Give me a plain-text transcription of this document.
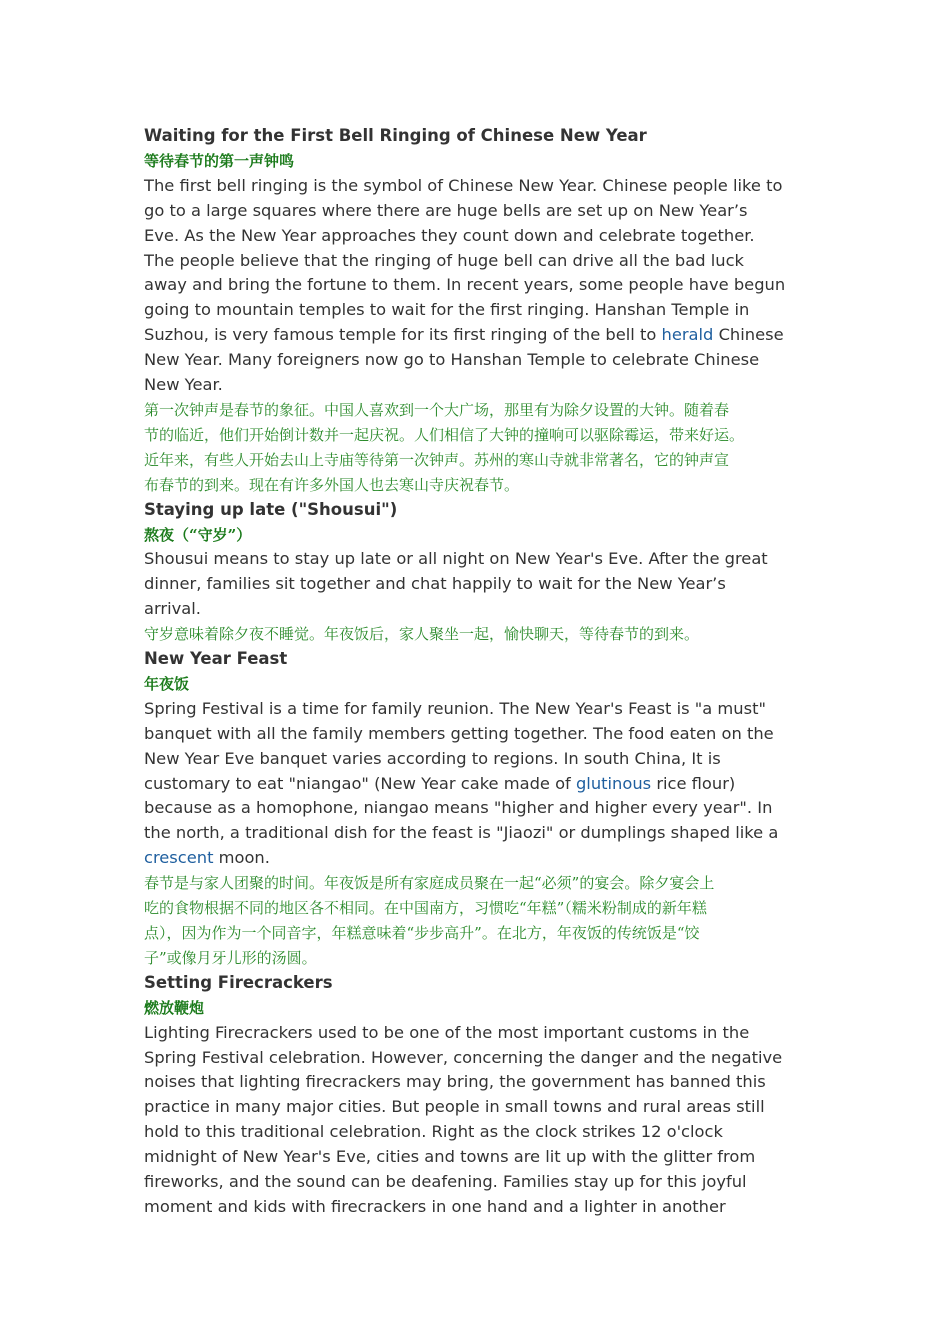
Waiting for the First Bell Ringing of Chinese New Year
等待春节的第一声钟鸣
The first bell ringing is the symbol of Chinese New Year. Chinese people like to
go to a large squares where there are huge bells are set up on New Year’s
Eve. As the New Year approaches they count down and celebrate together.
The people believe that the ringing of huge bell can drive all the bad luck
away and bring the fortune to them. In recent years, some people have begun
going to mountain temples to wait for the first ringing. Hanshan Temple in
Suzhou, is very famous temple for its first ringing of the bell to herald Chinese
New Year. Many foreigners now go to Hanshan Temple to celebrate Chinese
New Year.
第一次钟声是春节的象征。中国人喜欢到一个大广场，那里有为除夕设置的大钟。随着春
节的临近，他们开始倒计数并一起庆祝。人们相信了大钟的撞响可以驱除霉运，带来好运。
近年来，有些人开始去山上寺庙等待第一次钟声。苏州的寒山寺就非常著名，它的钟声宣
布春节的到来。现在有许多外国人也去寒山寺庆祝春节。
Staying up late ("Shousui")
熬夜（“守岁”）
Shousui means to stay up late or all night on New Year's Eve. After the great
dinner, families sit together and chat happily to wait for the New Year’s
arrival.
守岁意味着除夕夜不睡觉。年夜饭后，家人聚坐一起，愉快聊天，等待春节的到来。
New Year Feast
年夜饭
Spring Festival is a time for family reunion. The New Year's Feast is "a must"
banquet with all the family members getting together. The food eaten on the
New Year Eve banquet varies according to regions. In south China, It is
customary to eat "niangao" (New Year cake made of glutinous rice flour)
because as a homophone, niangao means "higher and higher every year". In
the north, a traditional dish for the feast is "Jiaozi" or dumplings shaped like a
crescent moon.
春节是与家人团聚的时间。年夜饭是所有家庭成员聚在一起“必须”的宴会。除夕宴会上
吃的食物根据不同的地区各不相同。在中国南方，习惯吃“年糕”（糯米粉制成的新年糕
点），因为作为一个同音字，年糕意味着“步步高升”。在北方，年夜饭的传统饭是“饺
子”或像月牙儿形的汤圆。
Setting Firecrackers
燃放鞭炮
Lighting Firecrackers used to be one of the most important customs in the
Spring Festival celebration. However, concerning the danger and the negative
noises that lighting firecrackers may bring, the government has banned this
practice in many major cities. But people in small towns and rural areas still
hold to this traditional celebration. Right as the clock strikes 12 o'clock
midnight of New Year's Eve, cities and towns are lit up with the glitter from
fireworks, and the sound can be deafening. Families stay up for this joyful
moment and kids with firecrackers in one hand and a lighter in another
